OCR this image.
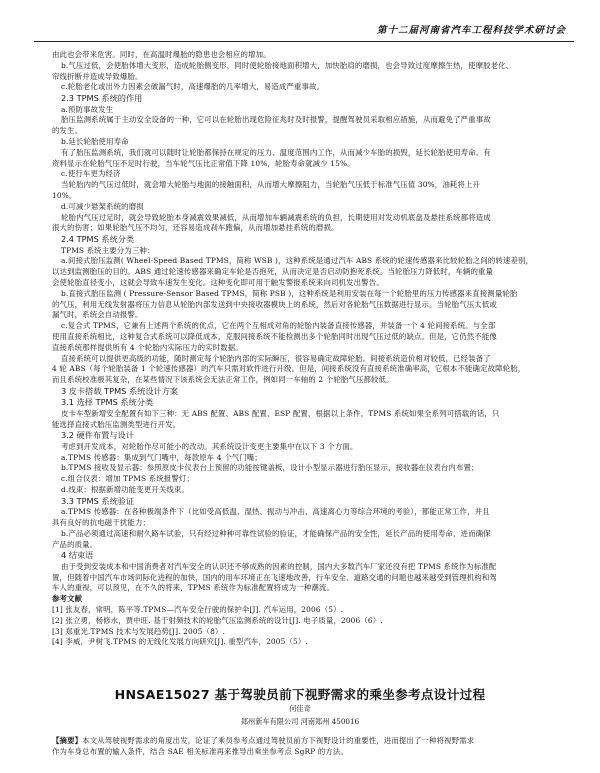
第十二届河南省汽车工程科技学术研讨会
由此也会带来危害。同时，在高温时爆胎的隐患也会相应的增加。
b.气压过低，会使胎体增大变形，造成轮胎侧变形，同时使轮胎接地面积增大，加快胎肩的磨损，也会导致过度摩擦生热，使摩胶老化、
帘线折断并造成导致爆胎。
c.轮胎老化或出外力因素会破漏气时，高速爆胎的几率增大，易造成严重事故。
2.3 TPMS 系统的作用
a.预防事故发生
胎压监测系统属于主动安全设备的一种，它可以在轮胎出现危险征兆时及时报警，提醒驾驶员采取相应措施，从而避免了严重事故
的发生。
b.延长轮胎使用寿命
有了胎压监测系统，我们就可以随时让轮胎都保持在规定的压力、温度范围内工作，从而减少车胎的损毁，延长轮胎使用寿命。有
资料显示在轮胎气压不足时行驶，当车轮气压比正常值下降 10%，轮胎寿命就减少 15%。
c.使行车更为经济
当轮胎内的气压过低时，就会增大轮胎与地面的接触面积，从而增大摩擦阻力，当轮胎气压低于标准气压值 30%，油耗将上升
10%。
d.可减少悬架系统的磨损
轮胎内气压过足时，就会导致轮胎本身减震效果减低，从而增加车辆减震系统的负担，长期使用对发动机底盘及悬挂系统都将造成
很大的伤害；如果轮胎气压不均匀，还容易造成刹车跑偏，从而增加悬挂系统的磨损。
2.4 TPMS 系统分类
TPMS 系统主要分为三种：
a.间接式胎压监测( Wheel-Speed Based TPMS，简称 WSB )，这种系统是通过汽车 ABS 系统的轮速传感器来比较轮胎之间的转速差别，
以达到监测胎压的目的。ABS 通过轮速传感器来确定车轮是否抱死，从而决定是否启动防抱死系统。当轮胎压力降低时，车辆的重量
会使轮胎直径变小，这就会导致车速发生变化。这种变化即可用于触发警报系统来向司机发出警告。
b.直接式胎压监测 ( Pressure-Sensor Based TPMS，简称 PSB )，这种系统是利用安装在每一个轮胎里的压力传感器来直接测量轮胎
的气压，利用无线发射器将压力信息从轮胎内部发送到中央接收器模块上的系统，然后对各轮胎气压数据进行显示。当轮胎气压太低或
漏气时，系统会自动报警。
c.复合式 TPMS，它兼有上述两个系统的优点，它在两个互相成对角的轮胎内装备直接传感器，并装备一个 4 轮间接系统。与全部
使用直接系统相比，这种复合式系统可以降低成本，克服间接系统不能检测出多个轮胎同时出现气压过低的缺点。但是，它仍然不能像
直接系统那样提供所有 4 个轮胎内实际压力的实时数据。
直接系统可以提供更高级的功能，随时测定每个轮胎内部的实际瞬压，很容易确定故障轮胎。间接系统造价相对较低，已经装备了
4 轮 ABS（每个轮胎装备 1 个轮速传感器）的汽车只需对软件进行升级。但是，间接系统没有直接系统准确率高，它根本不能确定故障轮胎，
而且系统校准极其复杂，在某些情况下该系统会无法正常工作，例如同一车轴的 2 个轮胎气压都较低。
3 皮卡搭载 TPMS 系统设计方案
3.1 选择 TPMS 系统分类
皮卡车型新增安全配置有如下三种：无 ABS 配置、ABS 配置、ESP 配置，根据以上条件，TPMS 系统如果全系列可搭载的话，只
能选择直接式胎压监测类型进行开发。
3.2 硬件布置与设计
考虑到开发成本，对轮胎作尽可能小的改动。其系统设计变更主要集中在以下 3 个方面。
a.TPMS 传感器：集成到气门嘴中，每款原车 4 个气门嘴；
b.TPMS 接收及显示器：参照原皮卡仪表台上预留的功能按键盖板，设计小型显示器进行胎压显示，接收器在仪表台内布置；
c.组合仪表：增加 TPMS 系统报警灯；
d.线束：根据新增功能变更开关线束。
3.3 TPMS 系统验证
a.TPMS 传感器：在各种极端条件下（比如受高低温、湿热、振动与冲击、高速离心力等综合环境的考验），都能正常工作，并且
具有良好的抗电磁干扰能力；
b.产品必须通过高速和耐久路车试验，只有经过种种可靠性试验的验证，才能确保产品的安全性，延长产品的使用寿命，进而确保
产品的质量。
4 结束语
由于受到安装成本和中国消费者对汽车安全的认识还不够成熟的因素的控制，国内大多数汽车厂家还没有把 TPMS 系统作为标准配
置，但随着中国汽车市场同际化进程的加快，国内的用车环境正在飞速地改善，行车安全、道路交通的问题也越来越受到管理机构和驾
车人的重视，可以预见，在不久的将来，TPMS 系统作为标准配置将成为一种潮流。
参考文献
[1] 张友春，常明，陈平等.TPMS—汽车安全行驶的保护伞[J]. 汽车运用，2006（5）.
[2] 张立勇，杨修水，贾中旺. 基于射频技术的轮胎气压监测系统的设计[J]. 电子质量，2006（6）.
[3] 郑重光.TPMS 技术与发展趋势[J]. 2005（8）.
[4] 李威，尹树飞.TPMS 的无线化发展方向研究[J]. 重型汽车，2005（5）.
HNSAE15027 基于驾驶员前下视野需求的乘坐参考点设计过程
何佳奇
郑州新车有限公司 河南郑州 450016
【摘要】本文从驾驶视野需求的角度出发，论证了乘员参考点通过驾驶员前方下视野设计的重要性，进而提出了一种将视野需求
作为车身总布置的输入条件，结合 SAE 相关标准再来推导出乘坐参考点 SgRP 的方法。
